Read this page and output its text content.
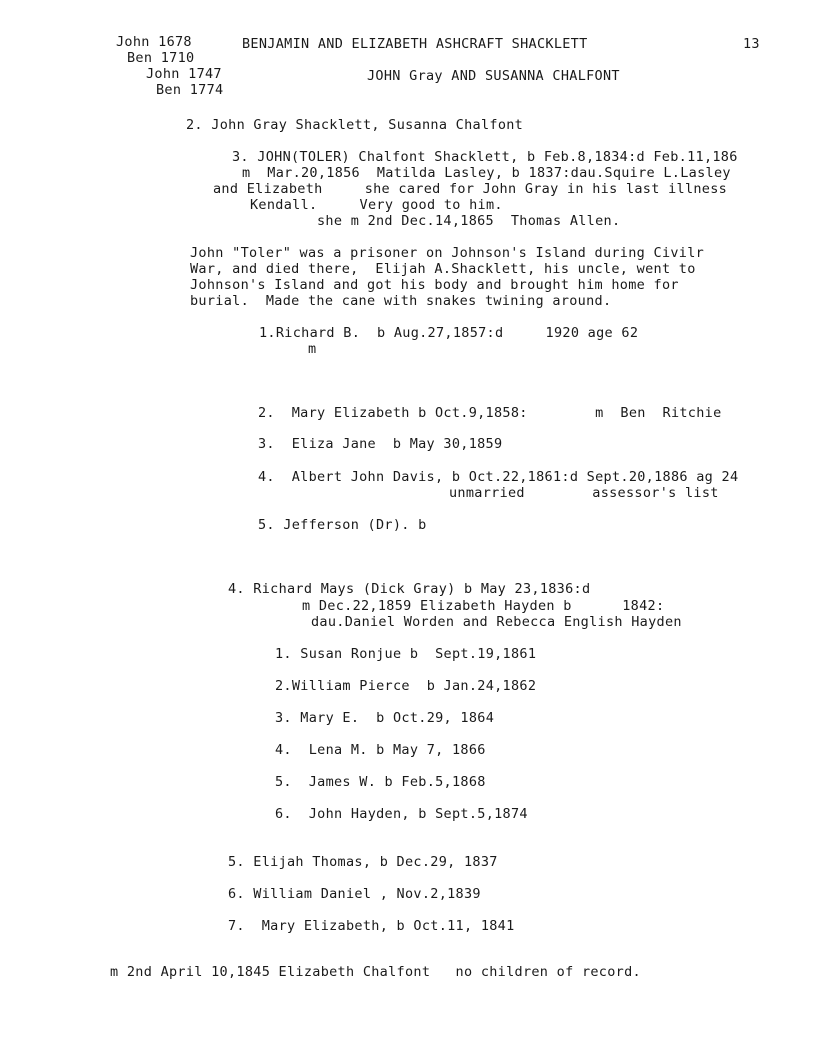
John 1678
Ben 1710
John 1747
Ben 1774
BENJAMIN AND ELIZABETH ASHCRAFT SHACKLETT	13
JOHN Gray AND SUSANNA CHALFONT
2. John Gray Shacklett, Susanna Chalfont
3. JOHN(TOLER) Chalfont Shacklett, b Feb.8,1834:d Feb.11,186
m  Mar.20,1856  Matilda Lasley, b 1837:dau.Squire L.Lasley
and Elizabeth     she cared for John Gray in his last illness
Kendall.     Very good to him.
she m 2nd Dec.14,1865  Thomas Allen.
John "Toler" was a prisoner on Johnson's Island during Civilr
War, and died there,  Elijah A.Shacklett, his uncle, went to
Johnson's Island and got his body and brought him home for
burial.  Made the cane with snakes twining around.
1.Richard B.  b Aug.27,1857:d     1920 age 62
m
2.  Mary Elizabeth b Oct.9,1858:        m  Ben  Ritchie
3.  Eliza Jane  b May 30,1859
4.  Albert John Davis, b Oct.22,1861:d Sept.20,1886 ag 24
unmarried        assessor's list
5. Jefferson (Dr). b
4. Richard Mays (Dick Gray) b May 23,1836:d
m Dec.22,1859 Elizabeth Hayden b      1842:
dau.Daniel Worden and Rebecca English Hayden
1. Susan Ronjue b  Sept.19,1861
2.William Pierce  b Jan.24,1862
3. Mary E.  b Oct.29, 1864
4.  Lena M. b May 7, 1866
5.  James W. b Feb.5,1868
6.  John Hayden, b Sept.5,1874
5. Elijah Thomas, b Dec.29, 1837
6. William Daniel , Nov.2,1839
7.  Mary Elizabeth, b Oct.11, 1841
m 2nd April 10,1845 Elizabeth Chalfont   no children of record.
